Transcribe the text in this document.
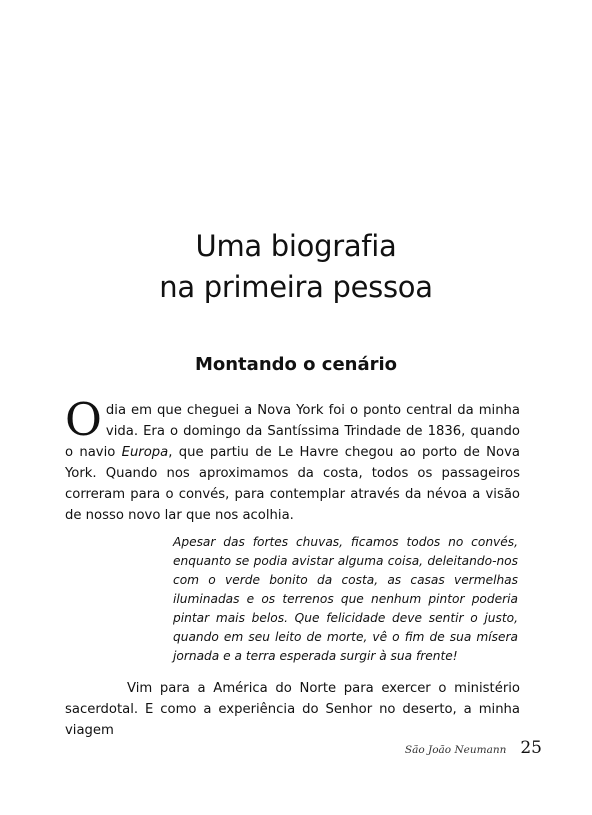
Uma biografia
na primeira pessoa
Montando o cenário

O dia em que cheguei a Nova York foi o ponto central da minha vida. Era o domingo da Santíssima Trindade de 1836, quando o navio Europa, que partiu de Le Havre chegou ao porto de Nova York. Quando nos aproximamos da costa, todos os passageiros correram para o convés, para contemplar através da névoa a visão de nosso novo lar que nos acolhia.

Apesar das fortes chuvas, ficamos todos no convés, enquanto se podia avistar alguma coisa, deleitando-nos com o verde bonito da costa, as casas vermelhas iluminadas e os terrenos que nenhum pintor poderia pintar mais belos. Que felicidade deve sentir o justo, quando em seu leito de morte, vê o fim de sua mísera jornada e a terra esperada surgir à sua frente!

Vim para a América do Norte para exercer o ministério sacerdotal. E como a experiência do Senhor no deserto, a minha viagem

São João Neumann 25
